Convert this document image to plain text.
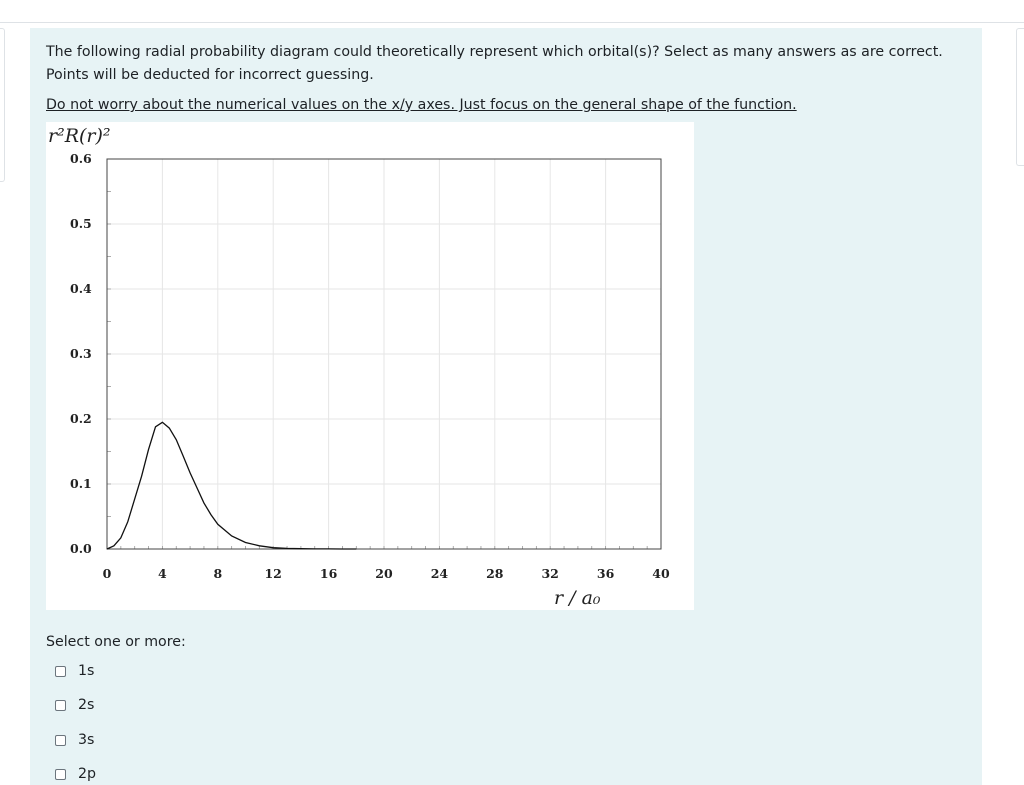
The following radial probability diagram could theoretically represent which orbital(s)? Select as many answers as are correct. Points will be deducted for incorrect guessing.
Do not worry about the numerical values on the x/y axes. Just focus on the general shape of the function.
0.0
0.1
0.2
0.3
0.4
0.5
0.6
0	4	8	12	16	20	24	28	32	36	40
r²R(r)²
r / a₀
Select one or more:
1s
2s
3s
2p
